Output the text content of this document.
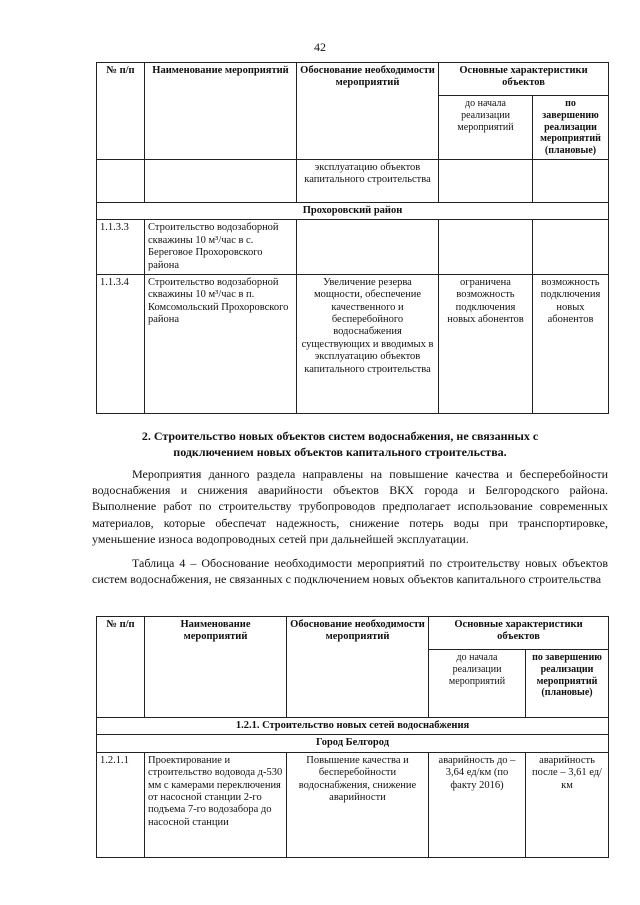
42
№ п/п	Наименование мероприятий	Обоснование необходимости мероприятий	Основные характеристики объектов	
			до начала реализации мероприятий	по завершению реализации мероприятий (плановые)
		эксплуатацию объектов капитального строительства		
Прохоровский район				
1.1.3.3	Строительство водозаборной скважины 10 м³/час в с. Береговое Прохоровского района			
1.1.3.4	Строительство водозаборной скважины 10 м³/час в п. Комсомольский Прохоровского района	Увеличение резерва мощности, обеспечение качественного и бесперебойного водоснабжения существующих и вводимых в эксплуатацию объектов капитального строительства	ограничена возможность подключения новых абонентов	возможность подключения новых абонентов
2. Строительство новых объектов систем водоснабжения, не связанных с подключением новых объектов капитального строительства.
Мероприятия данного раздела направлены на повышение качества и бесперебойности водоснабжения и снижения аварийности объектов ВКХ города и Белгородского района. Выполнение работ по строительству трубопроводов предполагает использование современных материалов, которые обеспечат надежность, снижение потерь воды при транспортировке, уменьшение износа водопроводных сетей при дальнейшей эксплуатации.
Таблица 4 – Обоснование необходимости мероприятий по строительству новых объектов систем водоснабжения, не связанных с подключением новых объектов капитального строительства
№ п/п	Наименование мероприятий	Обоснование необходимости мероприятий	Основные характеристики объектов	
			до начала реализации мероприятий	по завершению реализации мероприятий (плановые)
1.2.1. Строительство новых сетей водоснабжения				
Город Белгород				
1.2.1.1	Проектирование и строительство водовода д-530 мм с камерами переключения от насосной станции 2-го подъема 7-го водозабора до насосной станции	Повышение качества и бесперебойности водоснабжения, снижение аварийности	аварийность до – 3,64 ед/км (по факту 2016)	аварийность после – 3,61 ед/км
